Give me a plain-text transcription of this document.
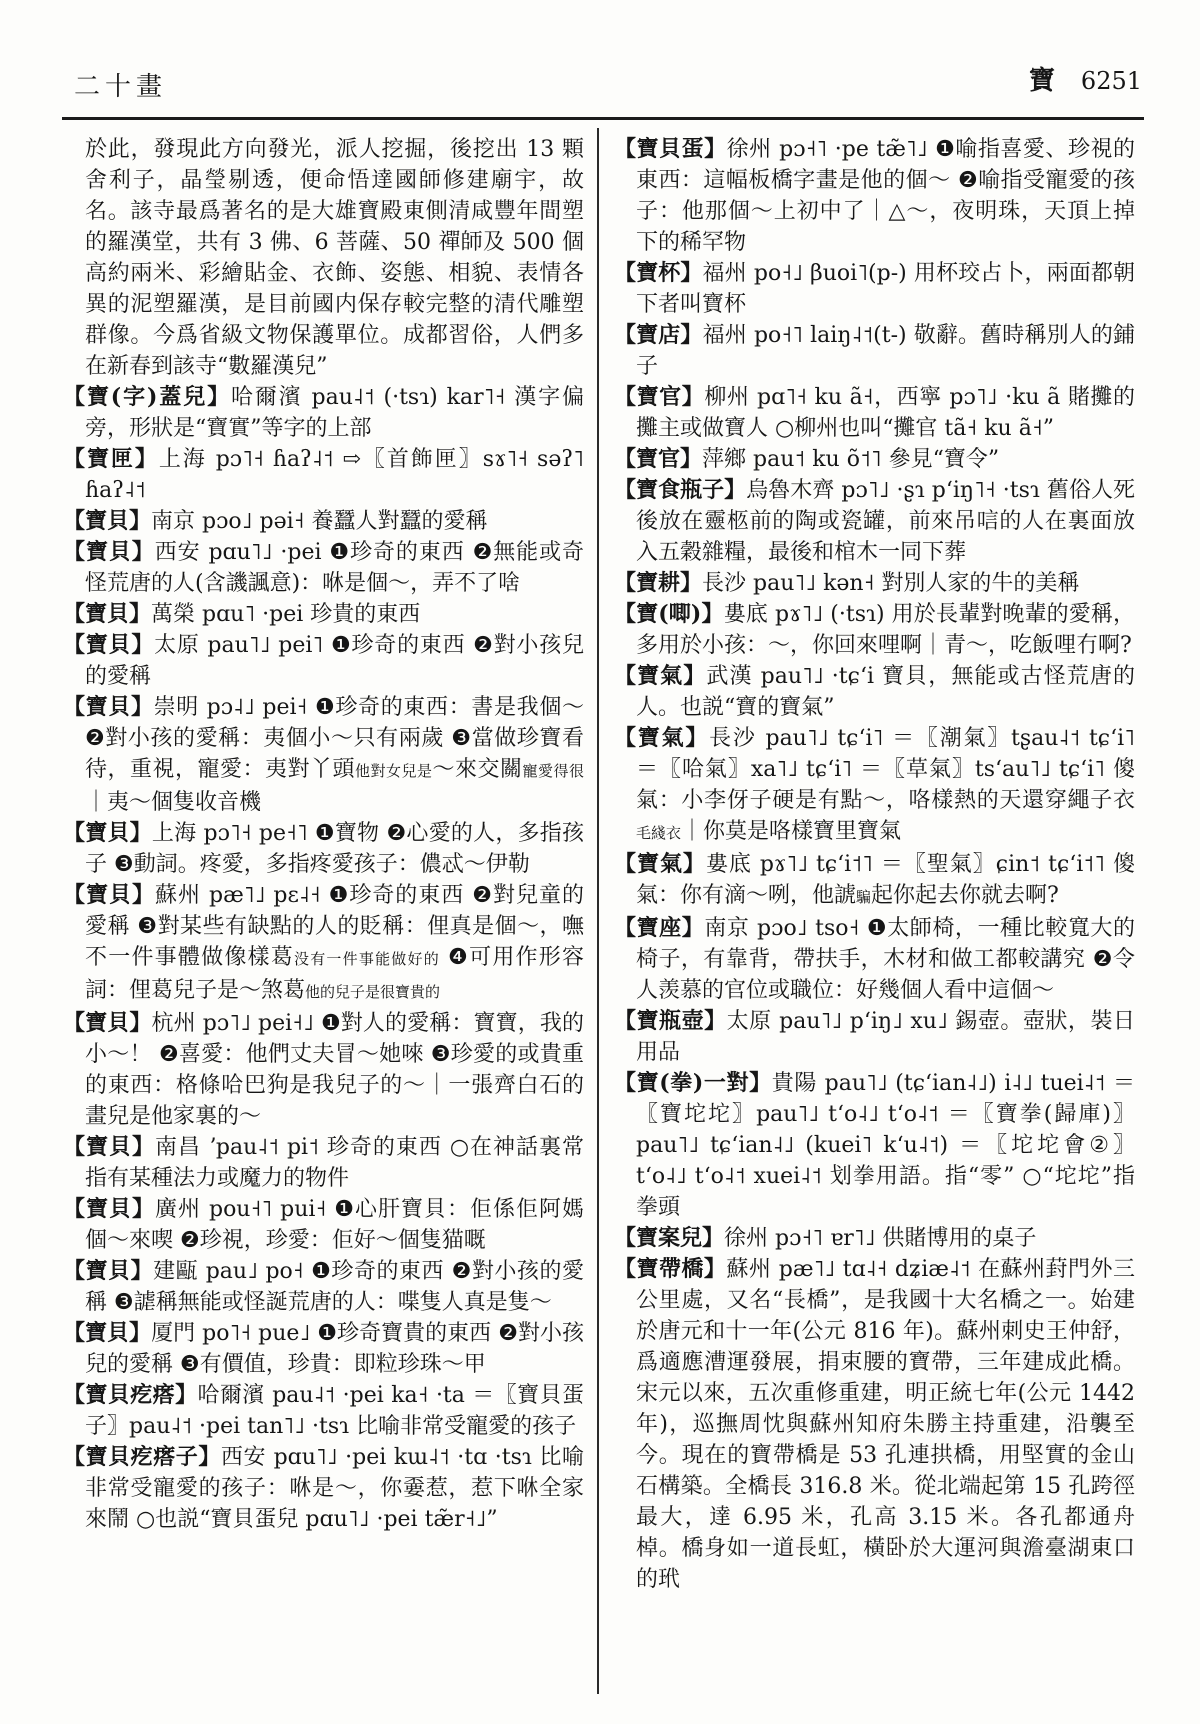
二十畫	寶 6251

於此，發現此方向發光，派人挖掘，後挖出 13 顆舍利子，晶瑩剔透，便命悟達國師修建廟宇，故名。該寺最爲著名的是大雄寶殿東側清咸豐年間塑的羅漢堂，共有 3 佛、6 菩薩、50 禪師及 500 個高約兩米、彩繪貼金、衣飾、姿態、相貌、表情各異的泥塑羅漢，是目前國内保存較完整的清代雕塑群像。今爲省級文物保護單位。成都習俗，人們多在新春到該寺“數羅漢兒”

【寶(字)蓋兒】哈爾濱 pau˨˦ (·tsɿ) kar˥˧ 漢字偏旁，形狀是“寶實”等字的上部

【寶匣】上海 pɔ˥˧ ɦaʔ˨˦ ⇨〖首飾匣〗sɤ˥˧ səʔ˥ ɦaʔ˨˦

【寶貝】南京 pɔo˩ pəi˧ 養蠶人對蠶的愛稱

【寶貝】西安 pɑu˥˩ ·pei ❶珍奇的東西 ❷無能或奇怪荒唐的人(含譏諷意)：咻是個～，弄不了啥

【寶貝】萬榮 pɑu˥ ·pei 珍貴的東西

【寶貝】太原 pau˥˩ pei˥ ❶珍奇的東西 ❷對小孩兒的愛稱

【寶貝】崇明 pɔ˨˩ pei˧ ❶珍奇的東西：書是我個～ ❷對小孩的愛稱：夷個小～只有兩歲 ❸當做珍寶看待，重視，寵愛：夷對丫頭他對女兒是～來交關寵愛得很｜夷～個隻收音機

【寶貝】上海 pɔ˥˧ pe˧˥ ❶寶物 ❷心愛的人，多指孩子 ❸動詞。疼愛，多指疼愛孩子：儂忒～伊勒

【寶貝】蘇州 pæ˥˩ pɛ˨˧ ❶珍奇的東西 ❷對兒童的愛稱 ❸對某些有缺點的人的貶稱：俚真是個～，嘸不一件事體做像樣葛没有一件事能做好的 ❹可用作形容詞：俚葛兒子是～煞葛他的兒子是很寶貴的

【寶貝】杭州 pɔ˥˩ pei˧˩ ❶對人的愛稱：寶寶，我的小～！ ❷喜愛：他們丈夫冒～她唻 ❸珍愛的或貴重的東西：格條哈巴狗是我兒子的～｜一張齊白石的畫兒是他家裏的～

【寶貝】南昌 ʼpau˨˦ pi˦ 珍奇的東西 ○在神話裏常指有某種法力或魔力的物件

【寶貝】廣州 pou˧˥ pui˧ ❶心肝寶貝：佢係佢阿媽個～來喫 ❷珍視，珍愛：佢好～個隻猫嘅

【寶貝】建甌 pau˩ po˧ ❶珍奇的東西 ❷對小孩的愛稱 ❸謔稱無能或怪誕荒唐的人：喋隻人真是隻～

【寶貝】厦門 po˥˧ pue˩ ❶珍奇寶貴的東西 ❷對小孩兒的愛稱 ❸有價值，珍貴：即粒珍珠～甲

【寶貝疙瘩】哈爾濱 pau˨˦ ·pei ka˧ ·ta ＝〖寶貝蛋子〗pau˨˦ ·pei tan˥˩ ·tsɿ 比喻非常受寵愛的孩子

【寶貝疙瘩子】西安 pɑu˥˩ ·pei kɯ˨˦ ·tɑ ·tsɿ 比喻非常受寵愛的孩子：咻是～，你嫑惹，惹下咻全家來鬧 ○也説“寶貝蛋兒 pɑu˥˩ ·pei tæ̃r˧˩”

【寶貝蛋】徐州 pɔ˧˥ ·pe tæ̃˥˩ ❶喻指喜愛、珍視的東西：這幅板橋字畫是他的個～ ❷喻指受寵愛的孩子：他那個～上初中了｜△～，夜明珠，天頂上掉下的稀罕物

【寶杯】福州 po˧˩ βuoi˥(p-) 用杯珓占卜，兩面都朝下者叫寶杯

【寶店】福州 po˧˥ laiŋ˨˦(t-) 敬辭。舊時稱別人的鋪子

【寶官】柳州 pɑ˥˧ ku ã˧，西寧 pɔ˥˩ ·ku ã 賭攤的攤主或做寶人 ○柳州也叫“攤官 tã˧ ku ã˧”

【寶官】萍鄉 pau˦ ku õ˦˥ 參見“寶令”

【寶食瓶子】烏魯木齊 pɔ˥˩ ·ʂɿ pʻiŋ˥˧ ·tsɿ 舊俗人死後放在靈柩前的陶或瓷罐，前來吊唁的人在裏面放入五穀雜糧，最後和棺木一同下葬

【寶耕】長沙 pau˥˩ kən˧ 對別人家的牛的美稱

【寶(唧)】婁底 pɤ˥˩ (·tsɿ) 用於長輩對晚輩的愛稱，多用於小孩：～，你回來哩啊｜青～，吃飯哩冇啊?

【寶氣】武漢 pau˥˩ ·tɕʻi 寶貝，無能或古怪荒唐的人。也説“寶的寶氣”

【寶氣】長沙 pau˥˩ tɕʻi˥ ＝〖潮氣〗tʂau˨˦ tɕʻi˥ ＝〖哈氣〗xa˥˩ tɕʻi˥ ＝〖草氣〗tsʻau˥˩ tɕʻi˥ 傻氣：小李伢子硬是有點～，咯樣熱的天還穿繩子衣毛綫衣｜你莫是咯樣寶里寶氣

【寶氣】婁底 pɤ˥˩ tɕʻi˦˥ ＝〖聖氣〗ɕin˦ tɕʻi˦˥ 傻氣：你有滴～咧，他諕騙起你起去你就去啊?

【寶座】南京 pɔo˩ tso˧ ❶太師椅，一種比較寬大的椅子，有靠背，帶扶手，木材和做工都較講究 ❷令人羡慕的官位或職位：好幾個人看中這個～

【寶瓶壺】太原 pau˥˩ pʻiŋ˩ xu˩ 錫壺。壺狀，裝日用品

【寶(拳)一對】貴陽 pau˥˩ (tɕʻian˨˩) i˨˩ tuei˨˦ ＝〖寶坨坨〗pau˥˩ tʻo˨˩ tʻo˨˦ ＝〖寶拳(歸庫)〗pau˥˩ tɕʻian˨˩ (kuei˥ kʻu˨˦) ＝〖坨坨會②〗tʻo˨˩ tʻo˨˦ xuei˨˦ 划拳用語。指“零” ○“坨坨”指拳頭

【寶案兒】徐州 pɔ˧˥ ɐr˥˩ 供賭博用的桌子

【寶帶橋】蘇州 pæ˥˩ tɑ˨˧ dʑiæ˨˦ 在蘇州葑門外三公里處，又名“長橋”，是我國十大名橋之一。始建於唐元和十一年(公元 816 年)。蘇州刺史王仲舒，爲適應漕運發展，捐束腰的寶帶，三年建成此橋。宋元以來，五次重修重建，明正統七年(公元 1442 年)，巡撫周忱與蘇州知府朱勝主持重建，沿襲至今。現在的寶帶橋是 53 孔連拱橋，用堅實的金山石構築。全橋長 316.8 米。從北端起第 15 孔跨徑最大，達 6.95 米，孔高 3.15 米。各孔都通舟棹。橋身如一道長虹，橫卧於大運河與澹臺湖東口的玳
